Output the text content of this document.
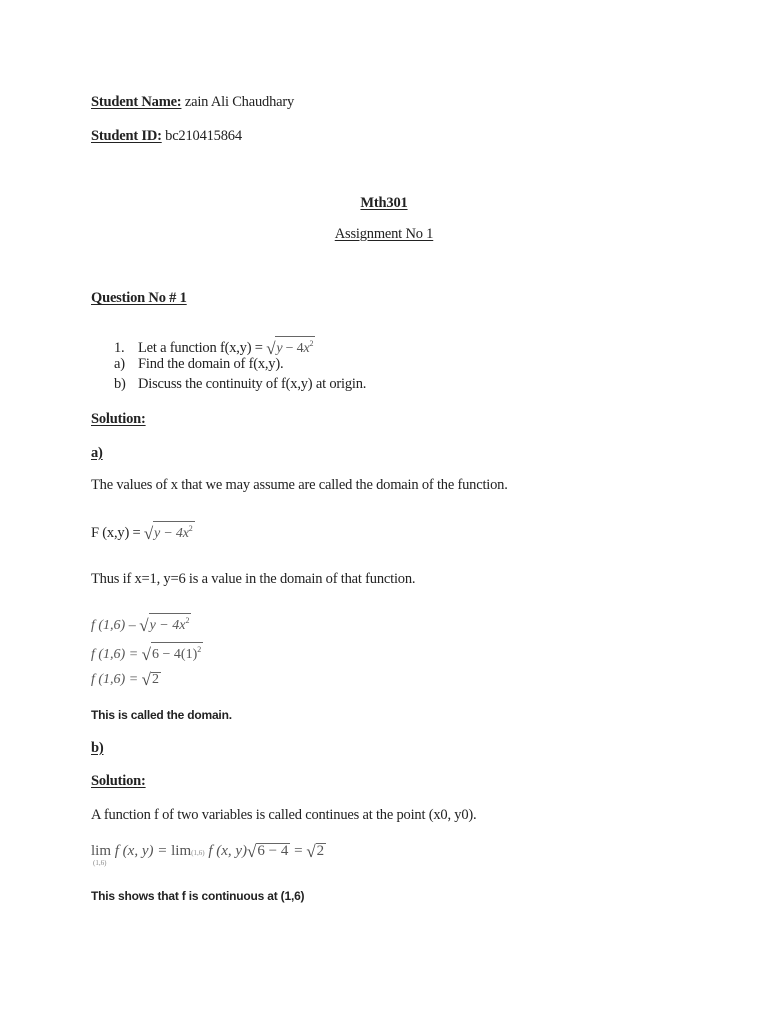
Student Name: zain Ali Chaudhary
Student ID: bc210415864
Mth301
Assignment No 1
Question No # 1
1. Let a function $f(x,y) = √y - 4x^2$
a) Find the domain of f(x,y).
b) Discuss the continuity of f(x,y) at origin.
Solution:
a)
The values of x that we may assume are called the domain of the function.
F $(x,y) = √y - 4x^2$
Thus if x=1, y=6 is a value in the domain of that function.
f $(1,6) - √y - 4x^2$
f $(1,6) = √6 - 4(1)^2$
f (1,6) = √2
This is called the domain.
b)
Solution:
A function f of two variables is called continues at the point (x0, y0).
lim
(1,6)
f (x, y) = lim(1,6) f (x, y)√6 − 4 = √2
This shows that f is continuous at (1,6)
